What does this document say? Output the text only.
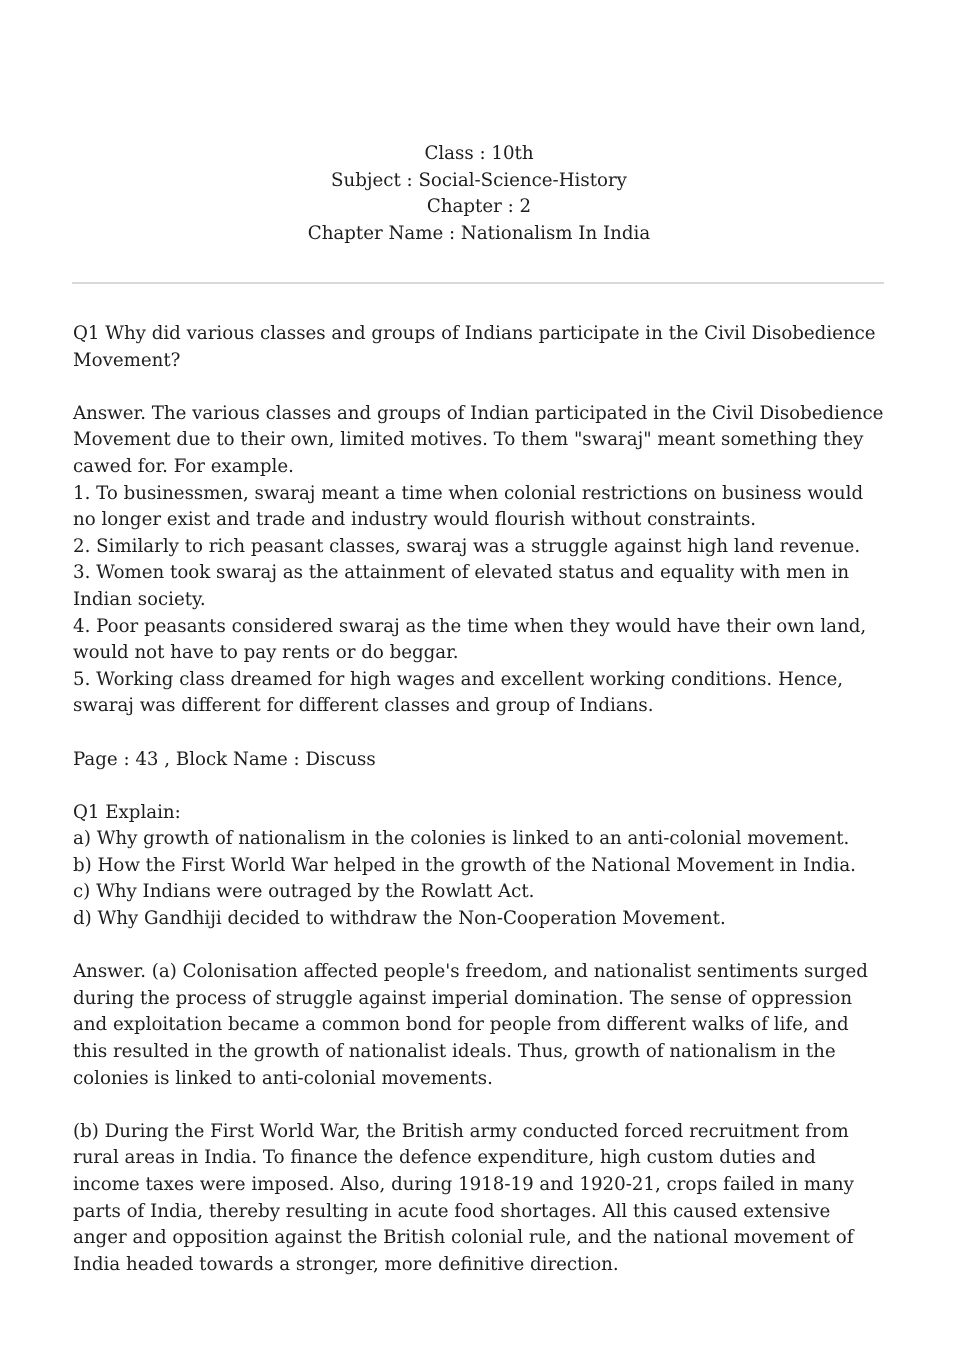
Class : 10th
Subject : Social-Science-History
Chapter : 2
Chapter Name : Nationalism In India

Q1 Why did various classes and groups of Indians participate in the Civil Disobedience Movement?

Answer. The various classes and groups of Indian participated in the Civil Disobedience Movement due to their own, limited motives. To them "swaraj" meant something they cawed for. For example.

1. To businessmen, swaraj meant a time when colonial restrictions on business would no longer exist and trade and industry would flourish without constraints.

2. Similarly to rich peasant classes, swaraj was a struggle against high land revenue.

3. Women took swaraj as the attainment of elevated status and equality with men in Indian society.

4. Poor peasants considered swaraj as the time when they would have their own land, would not have to pay rents or do beggar.

5. Working class dreamed for high wages and excellent working conditions. Hence, swaraj was different for different classes and group of Indians.

Page : 43 , Block Name : Discuss

Q1 Explain:

a) Why growth of nationalism in the colonies is linked to an anti-colonial movement.

b) How the First World War helped in the growth of the National Movement in India.

c) Why Indians were outraged by the Rowlatt Act.

d) Why Gandhiji decided to withdraw the Non-Cooperation Movement.

Answer. (a) Colonisation affected people's freedom, and nationalist sentiments surged during the process of struggle against imperial domination. The sense of oppression and exploitation became a common bond for people from different walks of life, and this resulted in the growth of nationalist ideals. Thus, growth of nationalism in the colonies is linked to anti-colonial movements.

(b) During the First World War, the British army conducted forced recruitment from rural areas in India. To finance the defence expenditure, high custom duties and income taxes were imposed. Also, during 1918-19 and 1920-21, crops failed in many parts of India, thereby resulting in acute food shortages. All this caused extensive anger and opposition against the British colonial rule, and the national movement of India headed towards a stronger, more definitive direction.
